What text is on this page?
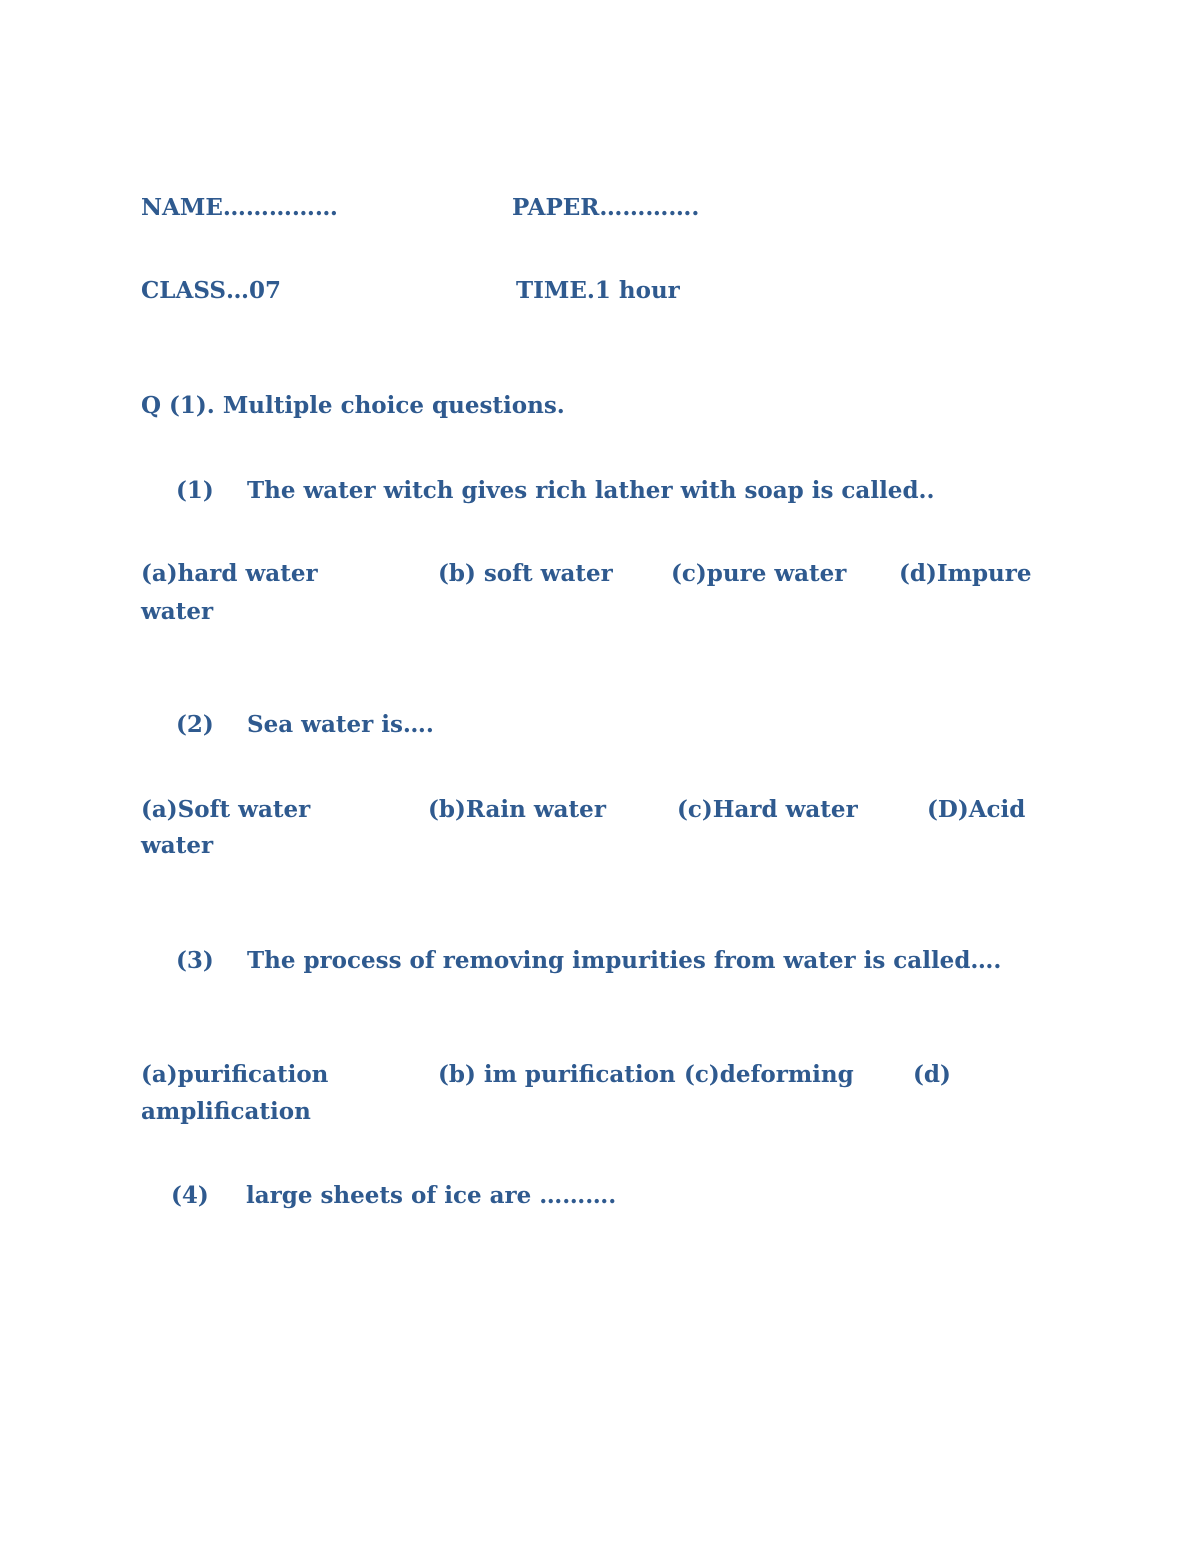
NAME……………	PAPER………….
CLASS…07	TIME.1 hour
Q (1). Multiple choice questions.
(1) The water witch gives rich lather with soap is called..
(a)hard water	(b) soft water	(c)pure water (d)Impure
water
(2) Sea water is….
(a)Soft water	(b)Rain water	(c)Hard water	(D)Acid
water
(3) The process of removing impurities from water is called….
(a)purification	(b) im purification (c)deforming	(d)
amplification
(4) large sheets of ice are ……….
